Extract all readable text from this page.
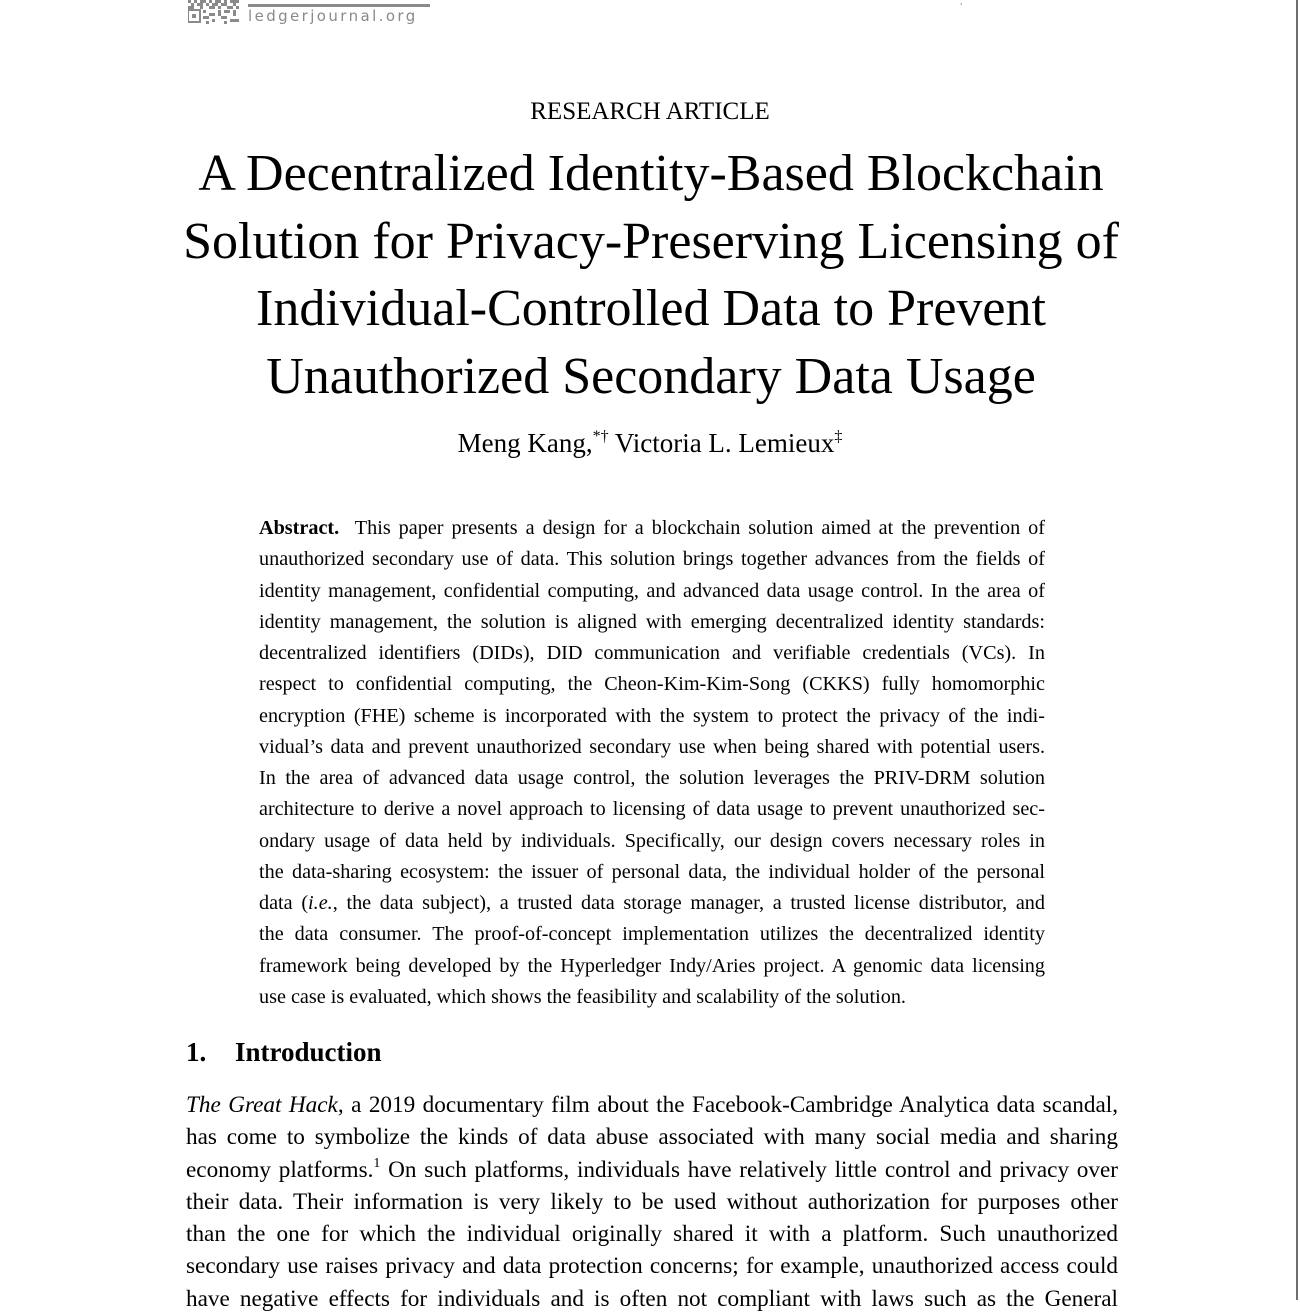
ledgerjournal.org
,
RESEARCH ARTICLE
A Decentralized Identity-Based Blockchain
Solution for Privacy-Preserving Licensing of
Individual-Controlled Data to Prevent
Unauthorized Secondary Data Usage
Meng Kang,*† Victoria L. Lemieux‡
Abstract. This paper presents a design for a blockchain solution aimed at the prevention of
unauthorized secondary use of data. This solution brings together advances from the fields of
identity management, confidential computing, and advanced data usage control. In the area of
identity management, the solution is aligned with emerging decentralized identity standards:
decentralized identifiers (DIDs), DID communication and verifiable credentials (VCs). In
respect to confidential computing, the Cheon-Kim-Kim-Song (CKKS) fully homomorphic
encryption (FHE) scheme is incorporated with the system to protect the privacy of the indi-
vidual’s data and prevent unauthorized secondary use when being shared with potential users.
In the area of advanced data usage control, the solution leverages the PRIV-DRM solution
architecture to derive a novel approach to licensing of data usage to prevent unauthorized sec-
ondary usage of data held by individuals. Specifically, our design covers necessary roles in
the data-sharing ecosystem: the issuer of personal data, the individual holder of the personal
data (i.e., the data subject), a trusted data storage manager, a trusted license distributor, and
the data consumer. The proof-of-concept implementation utilizes the decentralized identity
framework being developed by the Hyperledger Indy/Aries project. A genomic data licensing
use case is evaluated, which shows the feasibility and scalability of the solution.
1. Introduction
The Great Hack, a 2019 documentary film about the Facebook-Cambridge Analytica data scandal,
has come to symbolize the kinds of data abuse associated with many social media and sharing
economy platforms.$^1$ On such platforms, individuals have relatively little control and privacy over
their data. Their information is very likely to be used without authorization for purposes other
than the one for which the individual originally shared it with a platform. Such unauthorized
secondary use raises privacy and data protection concerns; for example, unauthorized access could
have negative effects for individuals and is often not compliant with laws such as the General
